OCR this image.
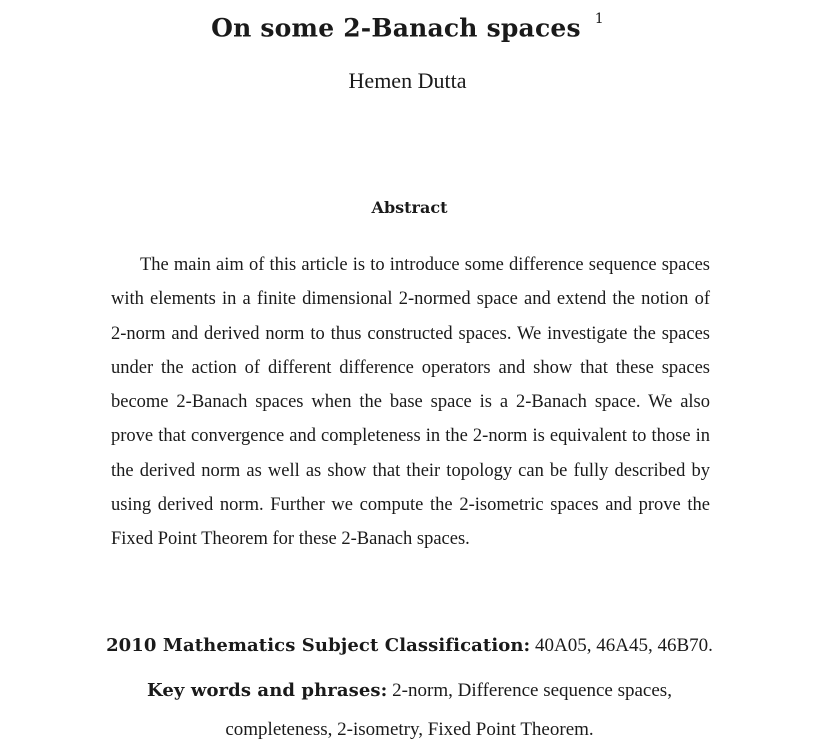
On some 2-Banach spaces $^1$
Hemen Dutta
Abstract

The main aim of this article is to introduce some difference sequence spaces with elements in a finite dimensional 2-normed space and extend the notion of 2-norm and derived norm to thus constructed spaces. We investigate the spaces under the action of different difference operators and show that these spaces become 2-Banach spaces when the base space is a 2-Banach space. We also prove that convergence and completeness in the 2-norm is equivalent to those in the derived norm as well as show that their topology can be fully described by using derived norm. Further we compute the 2-isometric spaces and prove the Fixed Point Theorem for these 2-Banach spaces.

2010 Mathematics Subject Classification: 40A05, 46A45, 46B70.
Key words and phrases: 2-norm, Difference sequence spaces,
completeness, 2-isometry, Fixed Point Theorem.
